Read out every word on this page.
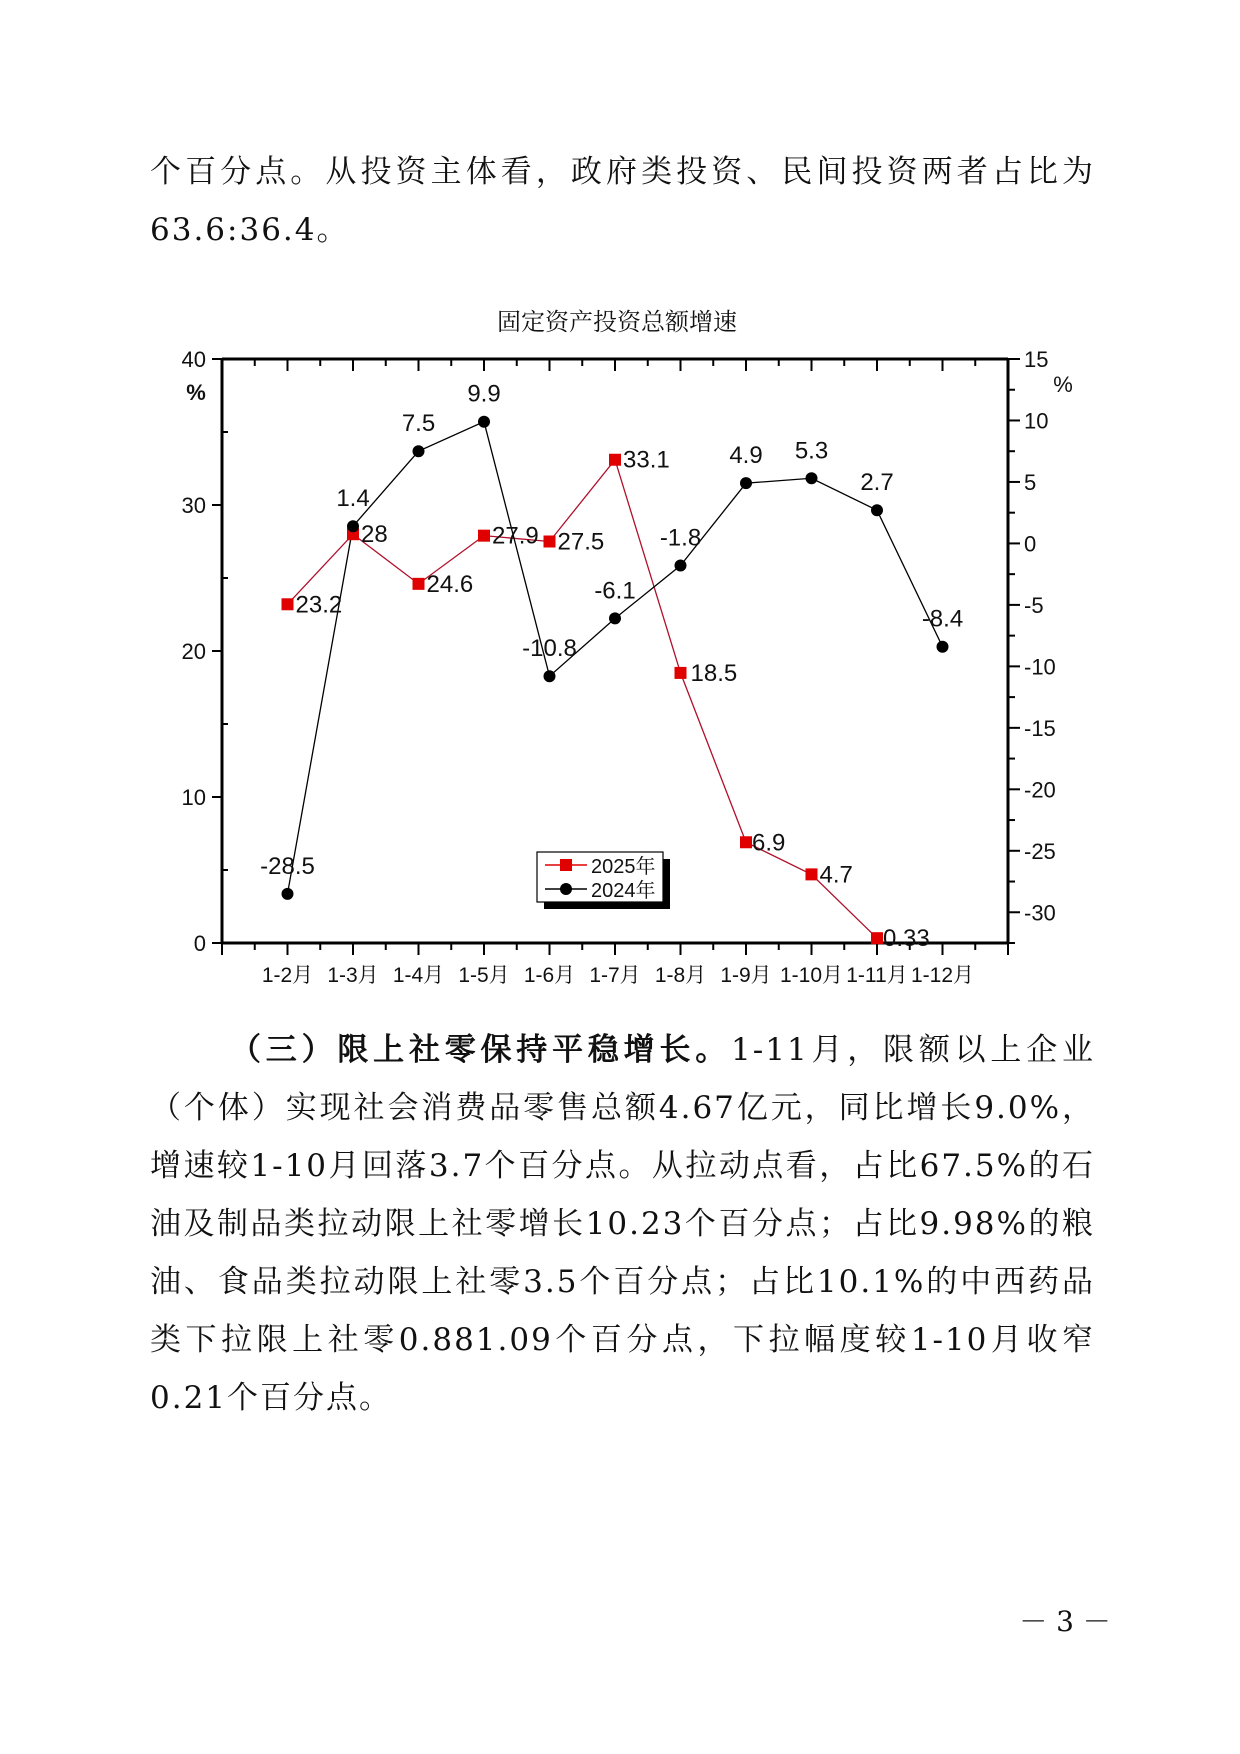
个百分点。从投资主体看，政府类投资、民间投资两者占比为63.6:36.4。
固定资产投资总额增速
1-2月 1-3月 1-4月 1-5月 1-6月 1-7月 1-8月 1-9月 1-10月 1-11月 1-12月
0
10
20
30
40
%
-30
-25
-20
-15
-10
-5
0
5
10
15
%
23.2
28
24.6
27.9 27.5
33.1
18.5
6.9
4.7
0.33
-28.5
1.4
7.5
9.9
-10.8
-6.1
-1.8
4.9 5.3
2.7
-8.4
2025年
2024年
（三）限上社零保持平稳增长。1-11月，限额以上企业（个体）实现社会消费品零售总额4.67亿元，同比增长9.0%，增速较1-10月回落3.7个百分点。从拉动点看，占比67.5%的石油及制品类拉动限上社零增长10.23个百分点；占比9.98%的粮油、食品类拉动限上社零3.5个百分点；占比10.1%的中西药品类下拉限上社零0.881.09个百分点，下拉幅度较1-10月收窄0.21个百分点。
－ 3 －
